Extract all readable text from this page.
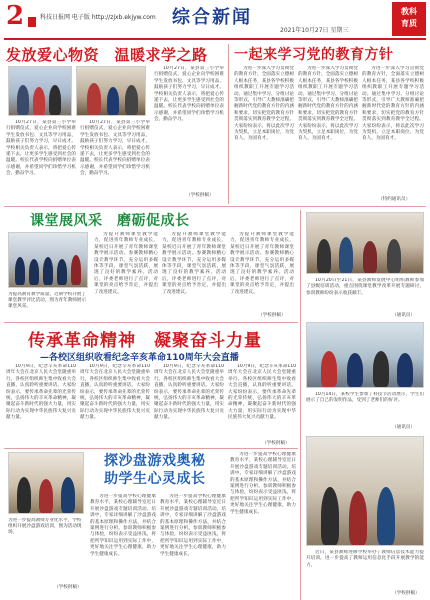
2	科技日报网 电子版 http://zjxb.ekjyw.com 综合新闻
2021年10月27日 星期三
教科
育质
发放爱心物资　温暖求学之路

10月27日，某县第三小学举行捐赠仪式，爱心企业向学校困难学生发放书包、文具等学习用品，鼓励孩子们努力学习，早日成才。学校相关负责人表示，将把爱心传递下去，让更多学生感受到社会的温暖。校长代表学校向捐赠单位表示感谢，并希望同学们珍惜学习机会，勤奋学习。

10月27日，某县第三小学举行捐赠仪式，爱心企业向学校困难学生发放书包、文具等学习用品，鼓励孩子们努力学习，早日成才。学校相关负责人表示，将把爱心传递下去，让更多学生感受到社会的温暖。校长代表学校向捐赠单位表示感谢，并希望同学们珍惜学习机会，勤奋学习。

10月27日，某县第三小学举行捐赠仪式，爱心企业向学校困难学生发放书包、文具等学习用品，鼓励孩子们努力学习，早日成才。学校相关负责人表示，将把爱心传递下去，让更多学生感受到社会的温暖。校长代表学校向捐赠单位表示感谢，并希望同学们珍惜学习机会，勤奋学习。

（学校供稿）
一起来学习党的教育方针

为进一步深入学习贯彻党的教育方针，全面落实立德树人根本任务，某县各学校积极组织教职工开展专题学习活动。通过集中学习、分组讨论等形式，引导广大教师准确把握新时代党的教育方针的内涵和要求，切实把党的教育方针贯彻落实到教育教学全过程。大家纷纷表示，将以此次学习为契机，立足本职岗位，为党育人、为国育才。

为进一步深入学习贯彻党的教育方针，全面落实立德树人根本任务，某县各学校积极组织教职工开展专题学习活动。通过集中学习、分组讨论等形式，引导广大教师准确把握新时代党的教育方针的内涵和要求，切实把党的教育方针贯彻落实到教育教学全过程。大家纷纷表示，将以此次学习为契机，立足本职岗位，为党育人、为国育才。

为进一步深入学习贯彻党的教育方针，全面落实立德树人根本任务，某县各学校积极组织教职工开展专题学习活动。通过集中学习、分组讨论等形式，引导广大教师准确把握新时代党的教育方针的内涵和要求，切实把党的教育方针贯彻落实到教育教学全过程。大家纷纷表示，将以此次学习为契机，立足本职岗位，为党育人、为国育才。

（特约通讯员）
课堂展风采　磨砺促成长
为提高教育教学质量，近期学校开展了课堂教学评比活动，图为青年教师展示课堂风采。

为提升教师课堂教学能力，促进青年教师专业成长，某校近日开展了青年教师课堂教学展示活动。参赛教师精心设计教学环节，充分运用多媒体等手段，课堂气氛活跃，展现了良好的教学素养。活动后，评委老师进行了点评，对课堂的亮点给予肯定，并提出了改进建议。

为提升教师课堂教学能力，促进青年教师专业成长，某校近日开展了青年教师课堂教学展示活动。参赛教师精心设计教学环节，充分运用多媒体等手段，课堂气氛活跃，展现了良好的教学素养。活动后，评委老师进行了点评，对课堂的亮点给予肯定，并提出了改进建议。

为提升教师课堂教学能力，促进青年教师专业成长，某校近日开展了青年教师课堂教学展示活动。参赛教师精心设计教学环节，充分运用多媒体等手段，课堂气氛活跃，展现了良好的教学素养。活动后，评委老师进行了点评，对课堂的亮点给予肯定，并提出了改进建议。

（学校供稿）

10月20日至21日，某县教师发展中心组织教师参加了县级培训活动，重点围绕课堂教学改革开展专题研讨，参训教师纷纷表示收获颇丰。

（通讯员）

10月14日，某校学生参加了科技节活动展示，学生们展示了自己的发明作品，受到了老师们的好评。

（通讯员）

近日，某县教师进修学校举办了教师信息技术能力提升培训，进一步提高了教师运用信息化手段开展教学的能力。

（学校供稿）
传承革命精神　凝聚奋斗力量
—各校区组织收看纪念辛亥革命110周年大会直播

10月9日，纪念辛亥革命110周年大会在北京人民大会堂隆重举行。各校区组织师生集中收看大会直播，认真聆听重要讲话。大家纷纷表示，要传承革命先辈的光荣传统，弘扬伟大的辛亥革命精神，凝聚起奋斗新时代的强大力量，用实际行动为实现中华民族伟大复兴贡献力量。

10月9日，纪念辛亥革命110周年大会在北京人民大会堂隆重举行。各校区组织师生集中收看大会直播，认真聆听重要讲话。大家纷纷表示，要传承革命先辈的光荣传统，弘扬伟大的辛亥革命精神，凝聚起奋斗新时代的强大力量，用实际行动为实现中华民族伟大复兴贡献力量。

10月9日，纪念辛亥革命110周年大会在北京人民大会堂隆重举行。各校区组织师生集中收看大会直播，认真聆听重要讲话。大家纷纷表示，要传承革命先辈的光荣传统，弘扬伟大的辛亥革命精神，凝聚起奋斗新时代的强大力量，用实际行动为实现中华民族伟大复兴贡献力量。

10月9日，纪念辛亥革命110周年大会在北京人民大会堂隆重举行。各校区组织师生集中收看大会直播，认真聆听重要讲话。大家纷纷表示，要传承革命先辈的光荣传统，弘扬伟大的辛亥革命精神，凝聚起奋斗新时代的强大力量，用实际行动为实现中华民族伟大复兴贡献力量。

（学校供稿）
为进一步提高教师专业化水平，学校组织开展沙盘游戏培训，图为活动现场。
（学校供稿）
探沙盘游戏奥秘
助学生心灵成长

为进一步提高学校心理健康教育水平，某校心理辅导室近日开展沙盘游戏专题培训活动。培训中，专家详细讲解了沙盘游戏的基本原理和操作方法，并结合案例进行分析。参训教师积极参与体验，纷纷表示受益匪浅，将把所学知识运用到实际工作中，更好地关注学生心理健康，助力学生健康成长。

为进一步提高学校心理健康教育水平，某校心理辅导室近日开展沙盘游戏专题培训活动。培训中，专家详细讲解了沙盘游戏的基本原理和操作方法，并结合案例进行分析。参训教师积极参与体验，纷纷表示受益匪浅，将把所学知识运用到实际工作中，更好地关注学生心理健康，助力学生健康成长。

为进一步提高学校心理健康教育水平，某校心理辅导室近日开展沙盘游戏专题培训活动。培训中，专家详细讲解了沙盘游戏的基本原理和操作方法，并结合案例进行分析。参训教师积极参与体验，纷纷表示受益匪浅，将把所学知识运用到实际工作中，更好地关注学生心理健康，助力学生健康成长。
